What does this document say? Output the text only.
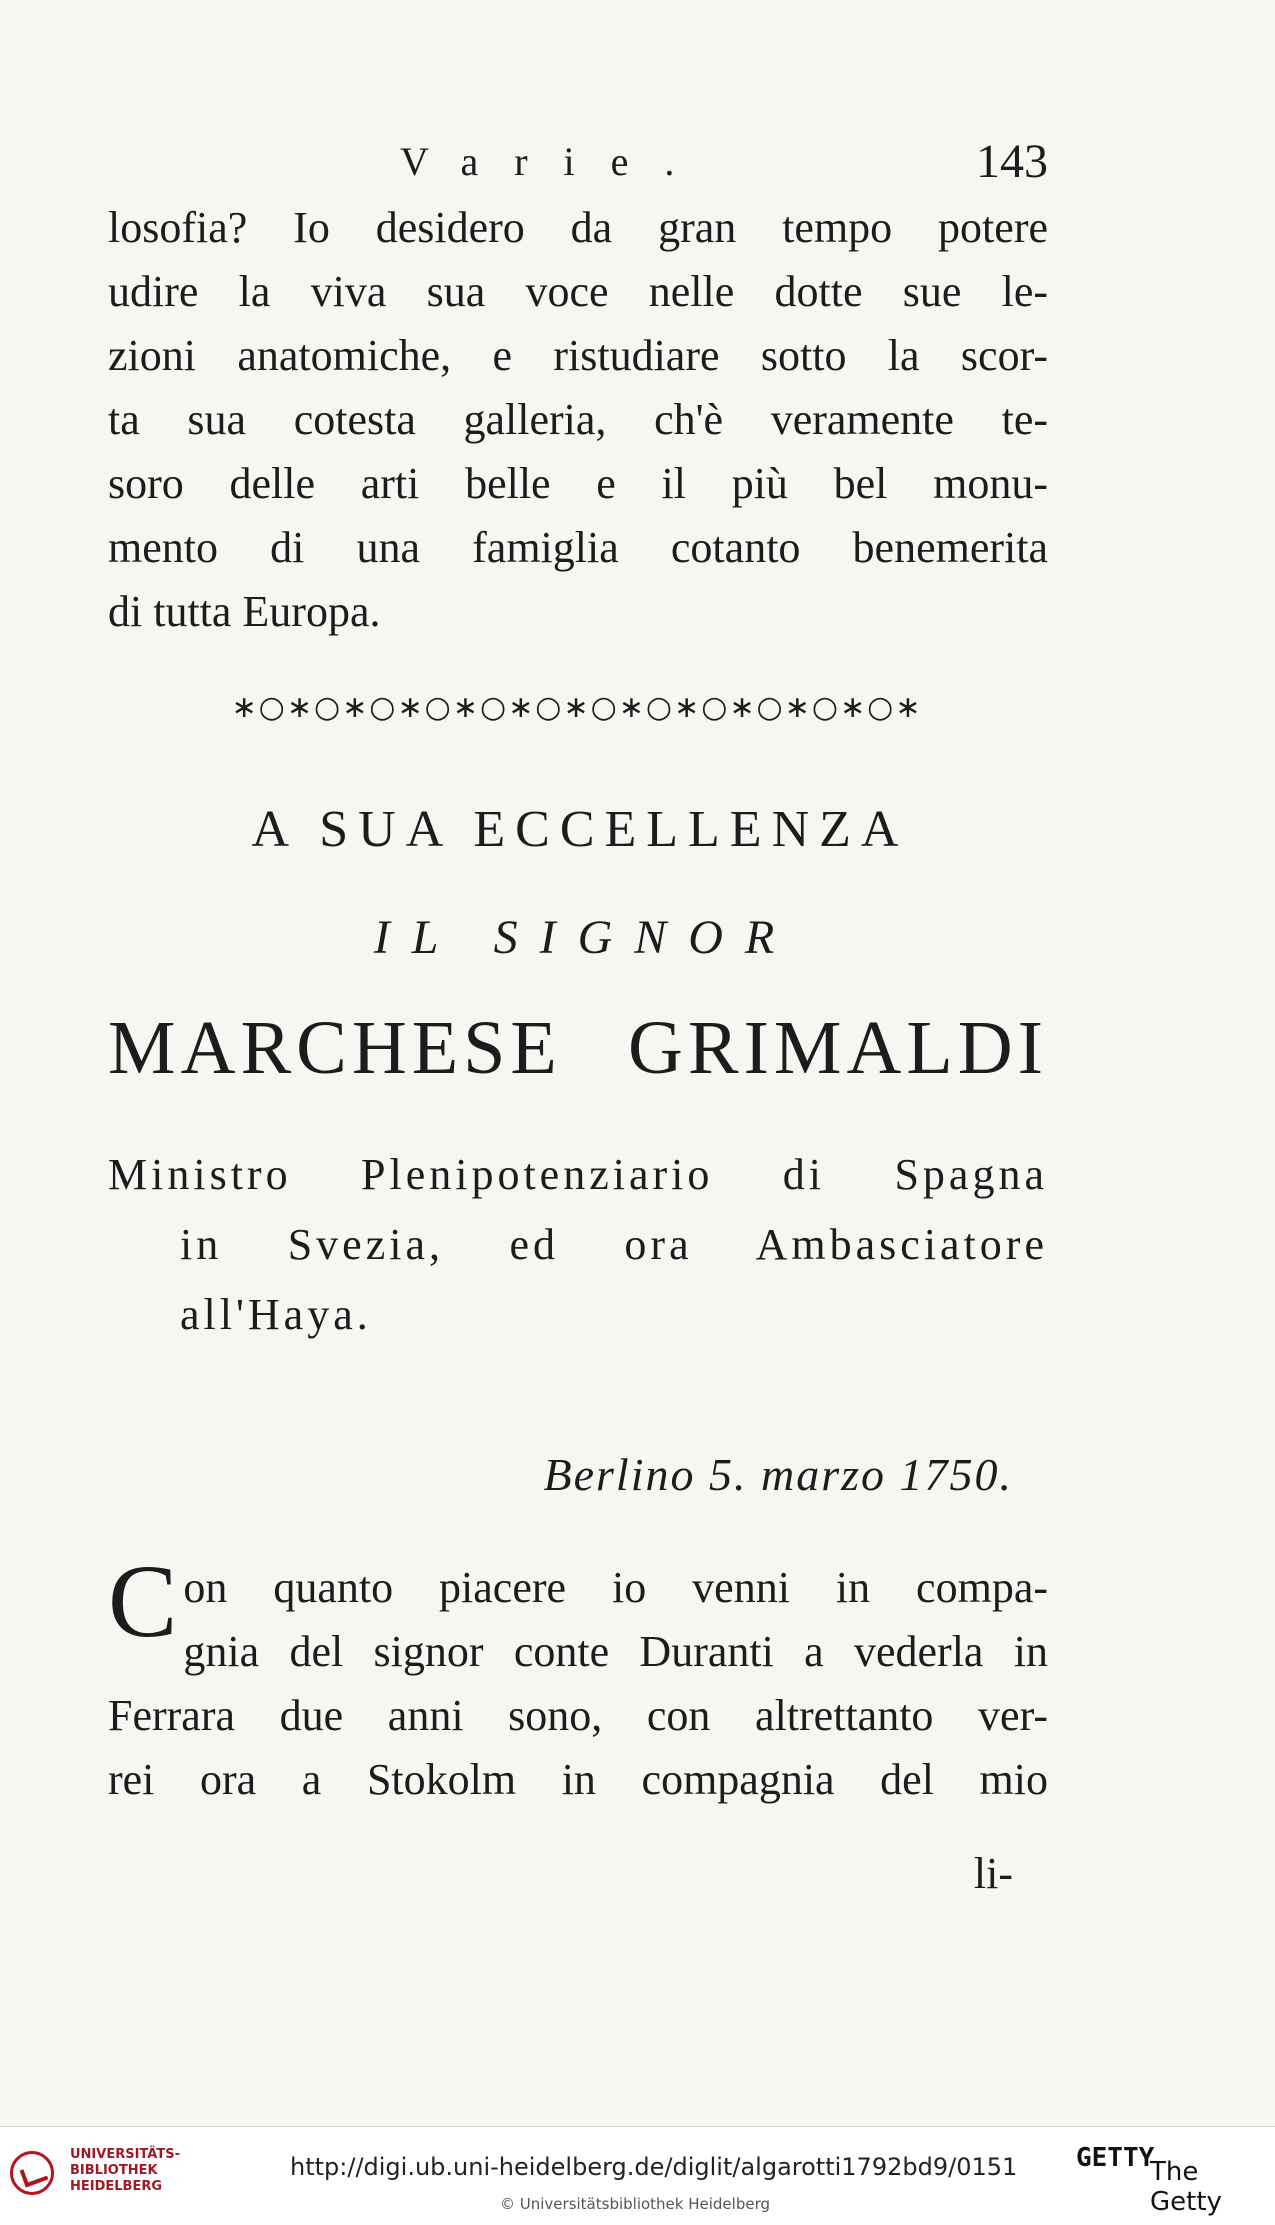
Varie.	143
losofia? Io desidero da gran tempo potere
udire la viva sua voce nelle dotte sue le-
zioni anatomiche, e ristudiare sotto la scor-
ta sua cotesta galleria, ch'è veramente te-
soro delle arti belle e il più bel monu-
mento di una famiglia cotanto benemerita
di tutta Europa.
∗○∗○∗○∗○∗○∗○∗○∗○∗○∗○∗○∗○∗
A SUA ECCELLENZA
IL SIGNOR
MARCHESE GRIMALDI
Ministro Plenipotenziario di Spagna
in Svezia, ed ora Ambasciatore
all'Haya.
Berlino 5. marzo 1750.
C on quanto piacere io venni in compa-
gnia del signor conte Duranti a vederla in
Ferrara due anni sono, con altrettanto ver-
rei ora a Stokolm in compagnia del mio
li-
UNIVERSITÄTS-
BIBLIOTHEK
HEIDELBERG
http://digi.ub.uni-heidelberg.de/diglit/algarotti1792bd9/0151
© Universitätsbibliothek Heidelberg
GETTY
The Getty
